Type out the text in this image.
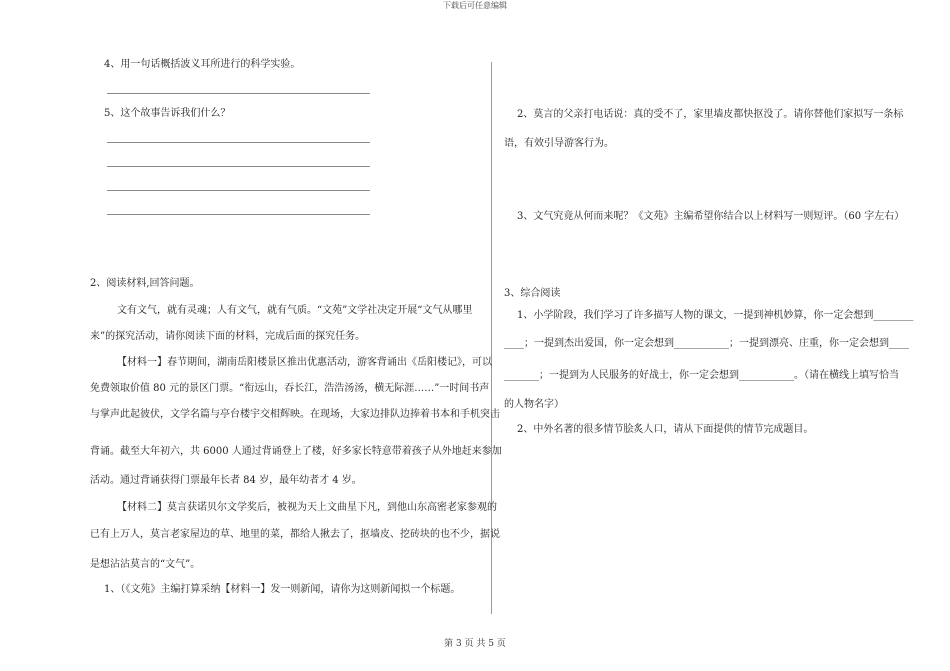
下载后可任意编辑
4、用一句话概括波义耳所进行的科学实验。
5、这个故事告诉我们什么？
2、阅读材料,回答问题。
文有文气，就有灵魂；人有文气，就有气质。“文苑”文学社决定开展“文气从哪里
来”的探究活动，请你阅读下面的材料，完成后面的探究任务。
【材料一】春节期间，湖南岳阳楼景区推出优惠活动，游客背诵出《岳阳楼记》，可以
免费领取价值 80 元的景区门票。“衔远山，吞长江，浩浩汤汤，横无际涯……”一时间书声
与掌声此起彼伏，文学名篇与亭台楼宇交相辉映。在现场，大家边排队边捧着书本和手机突击
背诵。截至大年初六，共 6000 人通过背诵登上了楼，好多家长特意带着孩子从外地赶来参加
活动。通过背诵获得门票最年长者 84 岁，最年幼者才 4 岁。
【材料二】莫言获诺贝尔文学奖后，被视为天上文曲星下凡，到他山东高密老家参观的
已有上万人，莫言老家屋边的草、地里的菜，都给人揪去了，抠墙皮、挖砖块的也不少，据说
是想沾沾莫言的“文气”。
1、（《文苑》主编打算采纳【材料一】发一则新闻，请你为这则新闻拟一个标题。
2、莫言的父亲打电话说：真的受不了，家里墙皮都快抠没了。请你替他们家拟写一条标
语，有效引导游客行为。
3、文气究竟从何而来呢？《文苑》主编希望你结合以上材料写一则短评。（60 字左右）
3、综合阅读
1、小学阶段，我们学习了许多描写人物的课文，一提到神机妙算，你一定会想到________
____；一提到杰出爱国，你一定会想到___________；一提到漂亮、庄重，你一定会想到____
_______；一提到为人民服务的好战士，你一定会想到___________。（请在横线上填写恰当
的人物名字）
2、中外名著的很多情节脍炙人口，请从下面提供的情节完成题目。
第 3 页 共 5 页
